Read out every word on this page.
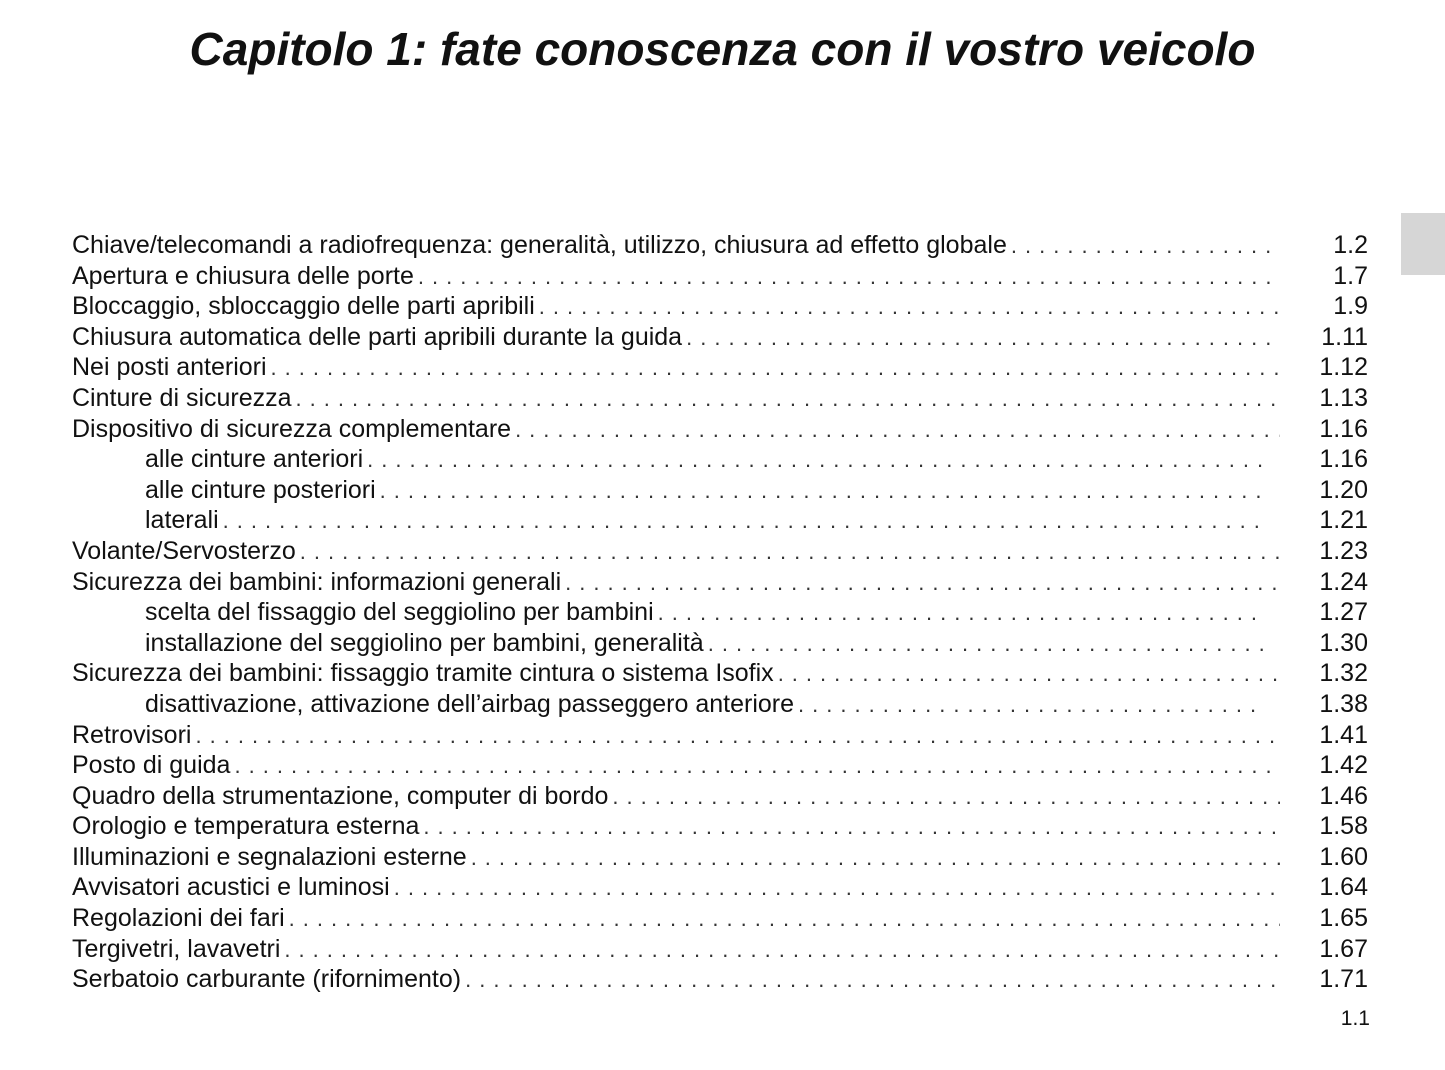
Capitolo 1: fate conoscenza con il vostro veicolo
Chiave/telecomandi a radiofrequenza: generalità, utilizzo, chiusura ad effetto globale . . .	1.2
Apertura e chiusura delle porte . . .	1.7
Bloccaggio, sbloccaggio delle parti apribili . . .	1.9
Chiusura automatica delle parti apribili durante la guida . . .	1.11
Nei posti anteriori . . .	1.12
Cinture di sicurezza . . .	1.13
Dispositivo di sicurezza complementare . . .	1.16
alle cinture anteriori . . .	1.16
alle cinture posteriori . . .	1.20
laterali . . .	1.21
Volante/Servosterzo . . .	1.23
Sicurezza dei bambini: informazioni generali . . .	1.24
scelta del fissaggio del seggiolino per bambini . . .	1.27
installazione del seggiolino per bambini, generalità . . .	1.30
Sicurezza dei bambini: fissaggio tramite cintura o sistema Isofix . . .	1.32
disattivazione, attivazione dell’airbag passeggero anteriore . . .	1.38
Retrovisori . . .	1.41
Posto di guida . . .	1.42
Quadro della strumentazione, computer di bordo . . .	1.46
Orologio e temperatura esterna . . .	1.58
Illuminazioni e segnalazioni esterne . . .	1.60
Avvisatori acustici e luminosi . . .	1.64
Regolazioni dei fari . . .	1.65
Tergivetri, lavavetri . . .	1.67
Serbatoio carburante (rifornimento) . . .	1.71
1.1
